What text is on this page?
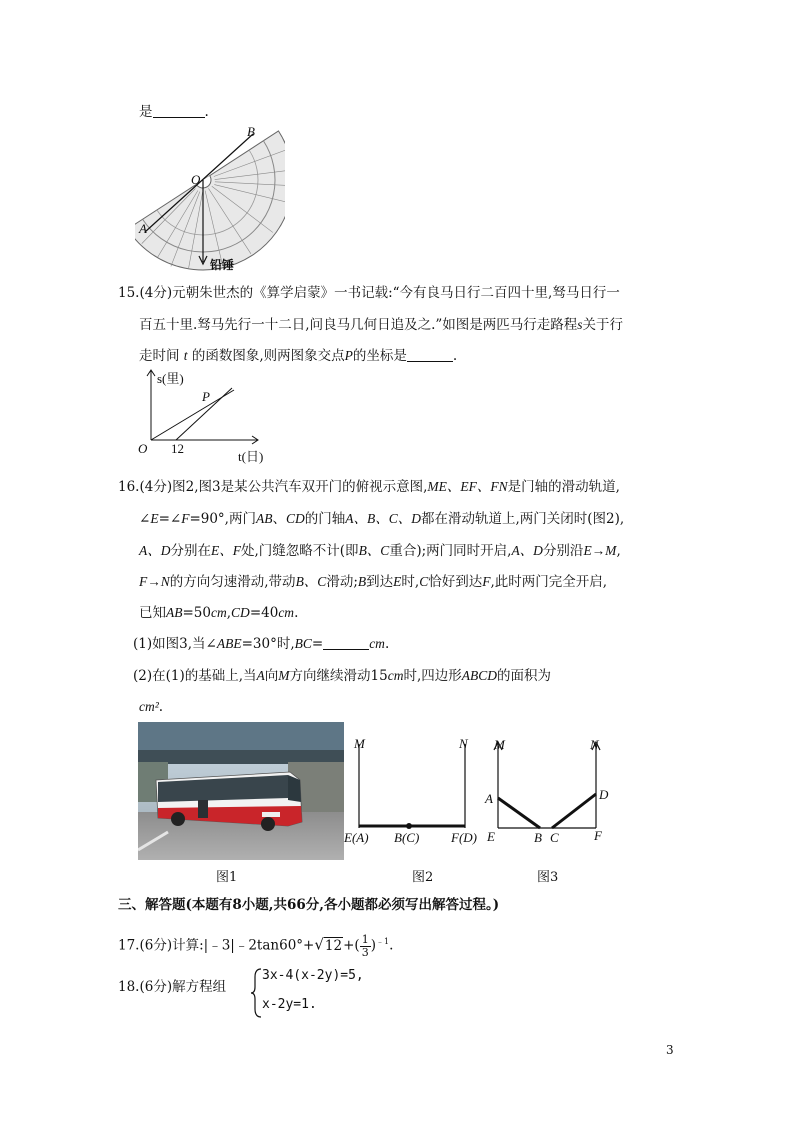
是	.
B
O
A
铅锤
15.(4分)元朝朱世杰的《算学启蒙》一书记载:“今有良马日行二百四十里,驽马日行一
百五十里.驽马先行一十二日,问良马几何日追及之.”如图是两匹马行走路程s关于行
走时间 t 的函数图象,则两图象交点P的坐标是	.
s(里)
P
O 12
t(日)
16.(4分)图2,图3是某公共汽车双开门的俯视示意图,ME、EF、FN是门轴的滑动轨道,
∠E=∠F=90°,两门AB、CD的门轴A、B、C、D都在滑动轨道上,两门关闭时(图2),
A、D分别在E、F处,门缝忽略不计(即B、C重合);两门同时开启,A、D分别沿E→M,
F→N的方向匀速滑动,带动B、C滑动;B到达E时,C恰好到达F,此时两门完全开启,
已知AB=50cm,CD=40cm.
(1)如图3,当∠ABE=30°时,BC=	cm.
(2)在(1)的基础上,当A向M方向继续滑动15cm时,四边形ABCD的面积为
cm².
图1
M	N
E(A) B(C) F(D)
图2
M	N
A	D
E	B C	F
图3
三、解答题(本题有8小题,共66分,各小题都必须写出解答过程。)
17.(6分)计算:|﹣3|﹣2tan60°+√12+( $\frac{1}{3} )^{﹣1}$.
18.(6分)解方程组
3x-4(x-2y)=5,
x-2y=1.
3
